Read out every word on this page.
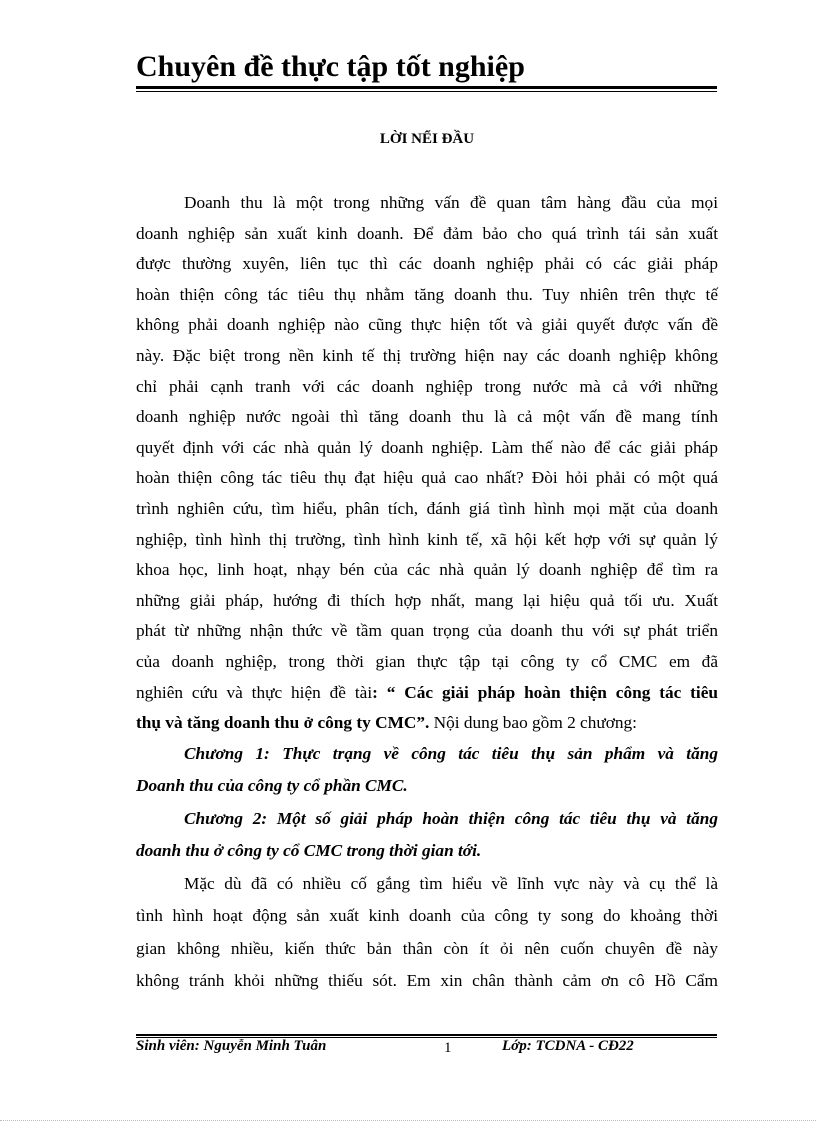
Chuyên đề thực tập tốt nghiệp
LỜI NỂI ĐẦU
Doanh thu là một trong những vấn đề quan tâm hàng đầu của mọi
doanh nghiệp sản xuất kinh doanh. Để đảm bảo cho quá trình tái sản xuất
được thường xuyên, liên tục thì các doanh nghiệp phải có các giải pháp
hoàn thiện công tác tiêu thụ nhằm tăng doanh thu. Tuy nhiên trên thực tế
không phải doanh nghiệp nào cũng thực hiện tốt và giải quyết được vấn đề
này. Đặc biệt trong nền kinh tế thị trường hiện nay các doanh nghiệp không
chỉ phải cạnh tranh với các doanh nghiệp trong nước mà cả với những
doanh nghiệp nước ngoài thì tăng doanh thu là cả một vấn đề mang tính
quyết định với các nhà quản lý doanh nghiệp. Làm thế nào để các giải pháp
hoàn thiện công tác tiêu thụ đạt hiệu quả cao nhất? Đòi hỏi phải có một quá
trình nghiên cứu, tìm hiểu, phân tích, đánh giá tình hình mọi mặt của doanh
nghiệp, tình hình thị trường, tình hình kinh tế, xã hội kết hợp với sự quản lý
khoa học, linh hoạt, nhạy bén của các nhà quản lý doanh nghiệp để tìm ra
những giải pháp, hướng đi thích hợp nhất, mang lại hiệu quả tối ưu. Xuất
phát từ những nhận thức về tầm quan trọng của doanh thu với sự phát triển
của doanh nghiệp, trong thời gian thực tập tại công ty cổ CMC em đã
nghiên cứu và thực hiện đề tài: “ Các giải pháp hoàn thiện công tác tiêu
thụ và tăng doanh thu ở công ty CMC”. Nội dung bao gồm 2 chương:
Chương 1: Thực trạng về công tác tiêu thụ sản phẩm và tăng
Doanh thu của công ty cổ phần CMC.
Chương 2: Một số giải pháp hoàn thiện công tác tiêu thụ và tăng
doanh thu ở công ty cổ CMC trong thời gian tới.
Mặc dù đã có nhiều cố gắng tìm hiểu về lĩnh vực này và cụ thể là
tình hình hoạt động sản xuất kinh doanh của công ty song do khoảng thời
gian không nhiều, kiến thức bản thân còn ít ỏi nên cuốn chuyên đề này
không tránh khỏi những thiếu sót. Em xin chân thành cảm ơn cô Hồ Cẩm
Sinh viên: Nguyễn Minh Tuân	1	Lớp: TCDNA - CĐ22
